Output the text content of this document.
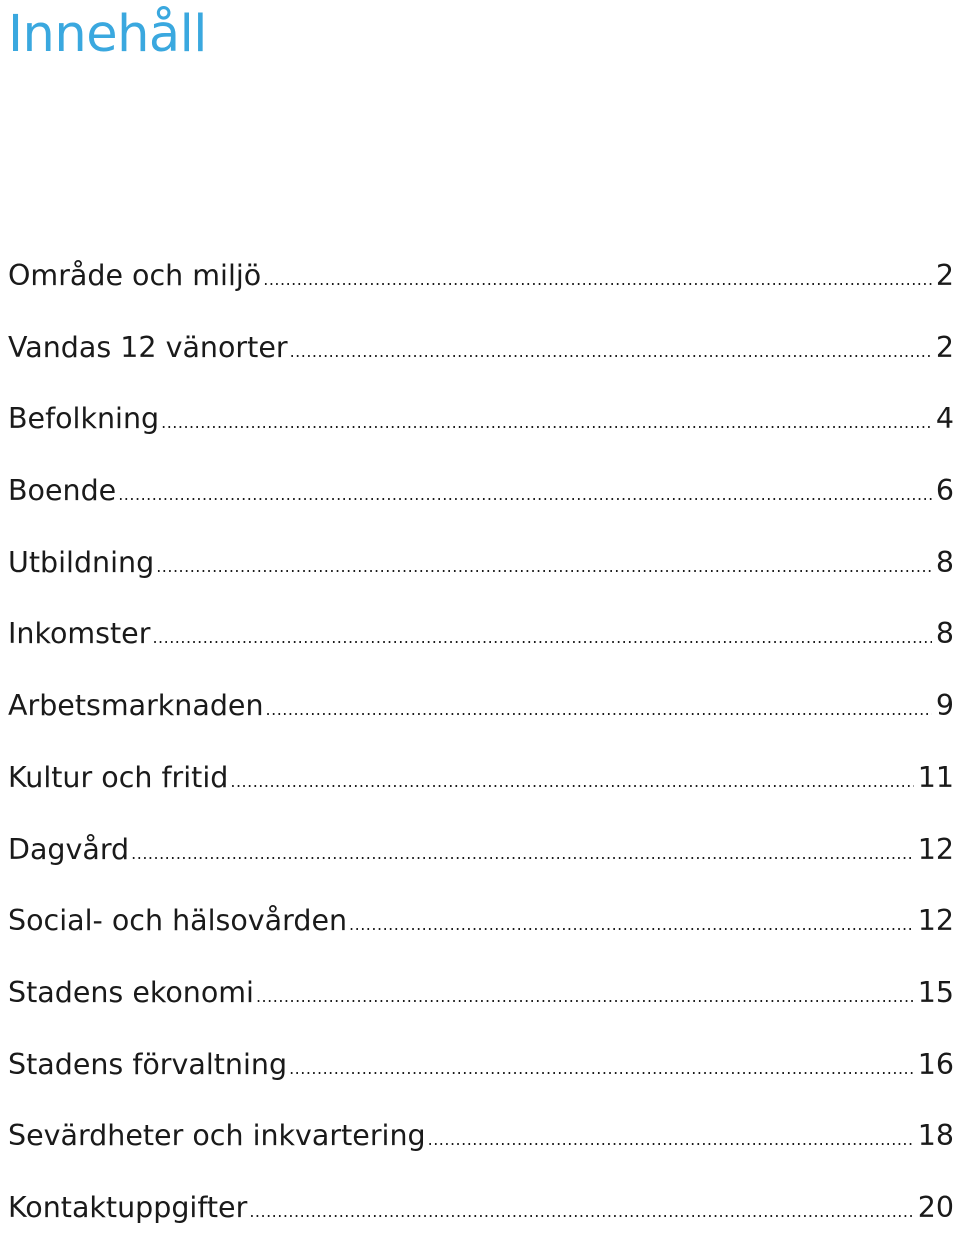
Innehåll
Område och miljö .....	2
Vandas 12 vänorter .....	2
Befolkning .....	4
Boende .....	6
Utbildning .....	8
Inkomster .....	8
Arbetsmarknaden .....	9
Kultur och fritid .....	11
Dagvård .....	12
Social- och hälsovården .....	12
Stadens ekonomi .....	15
Stadens förvaltning .....	16
Sevärdheter och inkvartering .....	18
Kontaktuppgifter .....	20
